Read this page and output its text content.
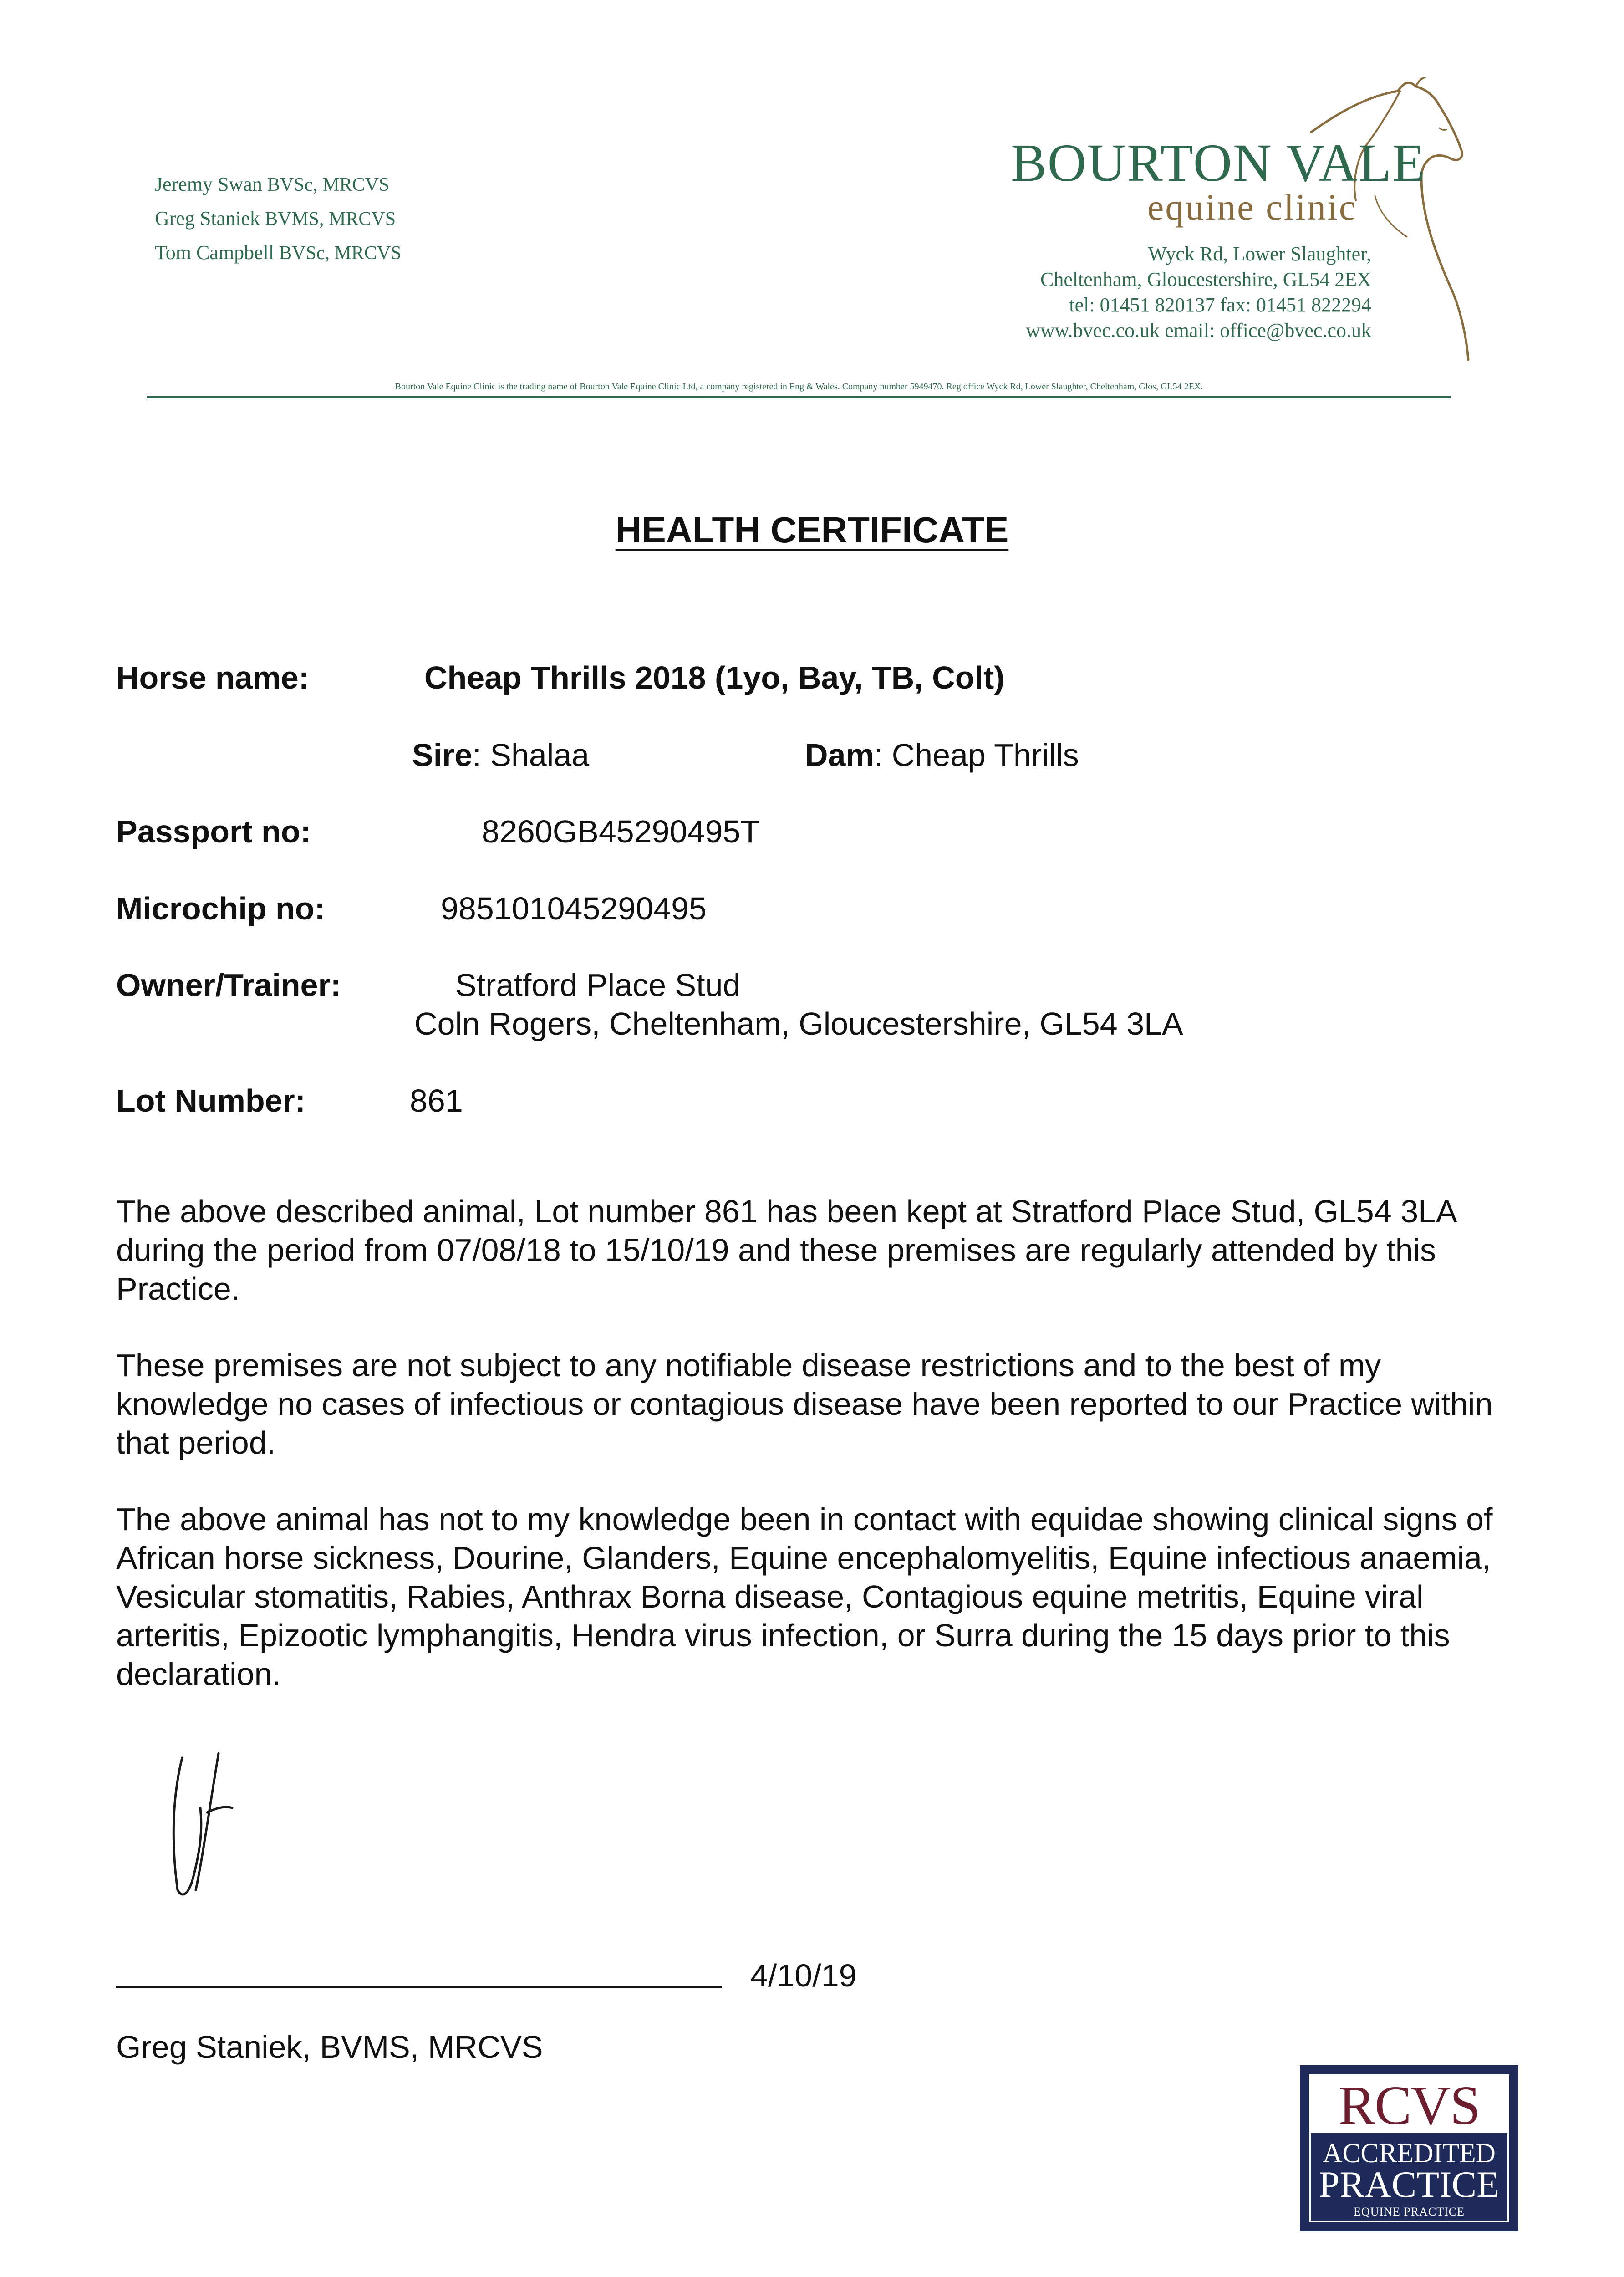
Jeremy Swan BVSc, MRCVS
Greg Staniek BVMS, MRCVS
Tom Campbell BVSc, MRCVS
BOURTON VALE
equine clinic
Wyck Rd, Lower Slaughter,
Cheltenham, Gloucestershire, GL54 2EX
tel: 01451 820137 fax: 01451 822294
www.bvec.co.uk email: office@bvec.co.uk
Bourton Vale Equine Clinic is the trading name of Bourton Vale Equine Clinic Ltd, a company registered in Eng & Wales. Company number 5949470. Reg office Wyck Rd, Lower Slaughter, Cheltenham, Glos, GL54 2EX.
HEALTH CERTIFICATE
Horse name:	Cheap Thrills 2018 (1yo, Bay, TB, Colt)
Sire: Shalaa	Dam: Cheap Thrills
Passport no:	8260GB45290495T
Microchip no:	985101045290495
Owner/Trainer:	Stratford Place Stud
Coln Rogers, Cheltenham, Gloucestershire, GL54 3LA
Lot Number:	861
The above described animal, Lot number 861 has been kept at Stratford Place Stud, GL54 3LA during the period from 07/08/18 to 15/10/19 and these premises are regularly attended by this Practice.
These premises are not subject to any notifiable disease restrictions and to the best of my knowledge no cases of infectious or contagious disease have been reported to our Practice within that period.
The above animal has not to my knowledge been in contact with equidae showing clinical signs of African horse sickness, Dourine, Glanders, Equine encephalomyelitis, Equine infectious anaemia, Vesicular stomatitis, Rabies, Anthrax Borna disease, Contagious equine metritis, Equine viral arteritis, Epizootic lymphangitis, Hendra virus infection, or Surra during the 15 days prior to this declaration.
4/10/19
Greg Staniek, BVMS, MRCVS
RCVS
ACCREDITED
PRACTICE
EQUINE PRACTICE
